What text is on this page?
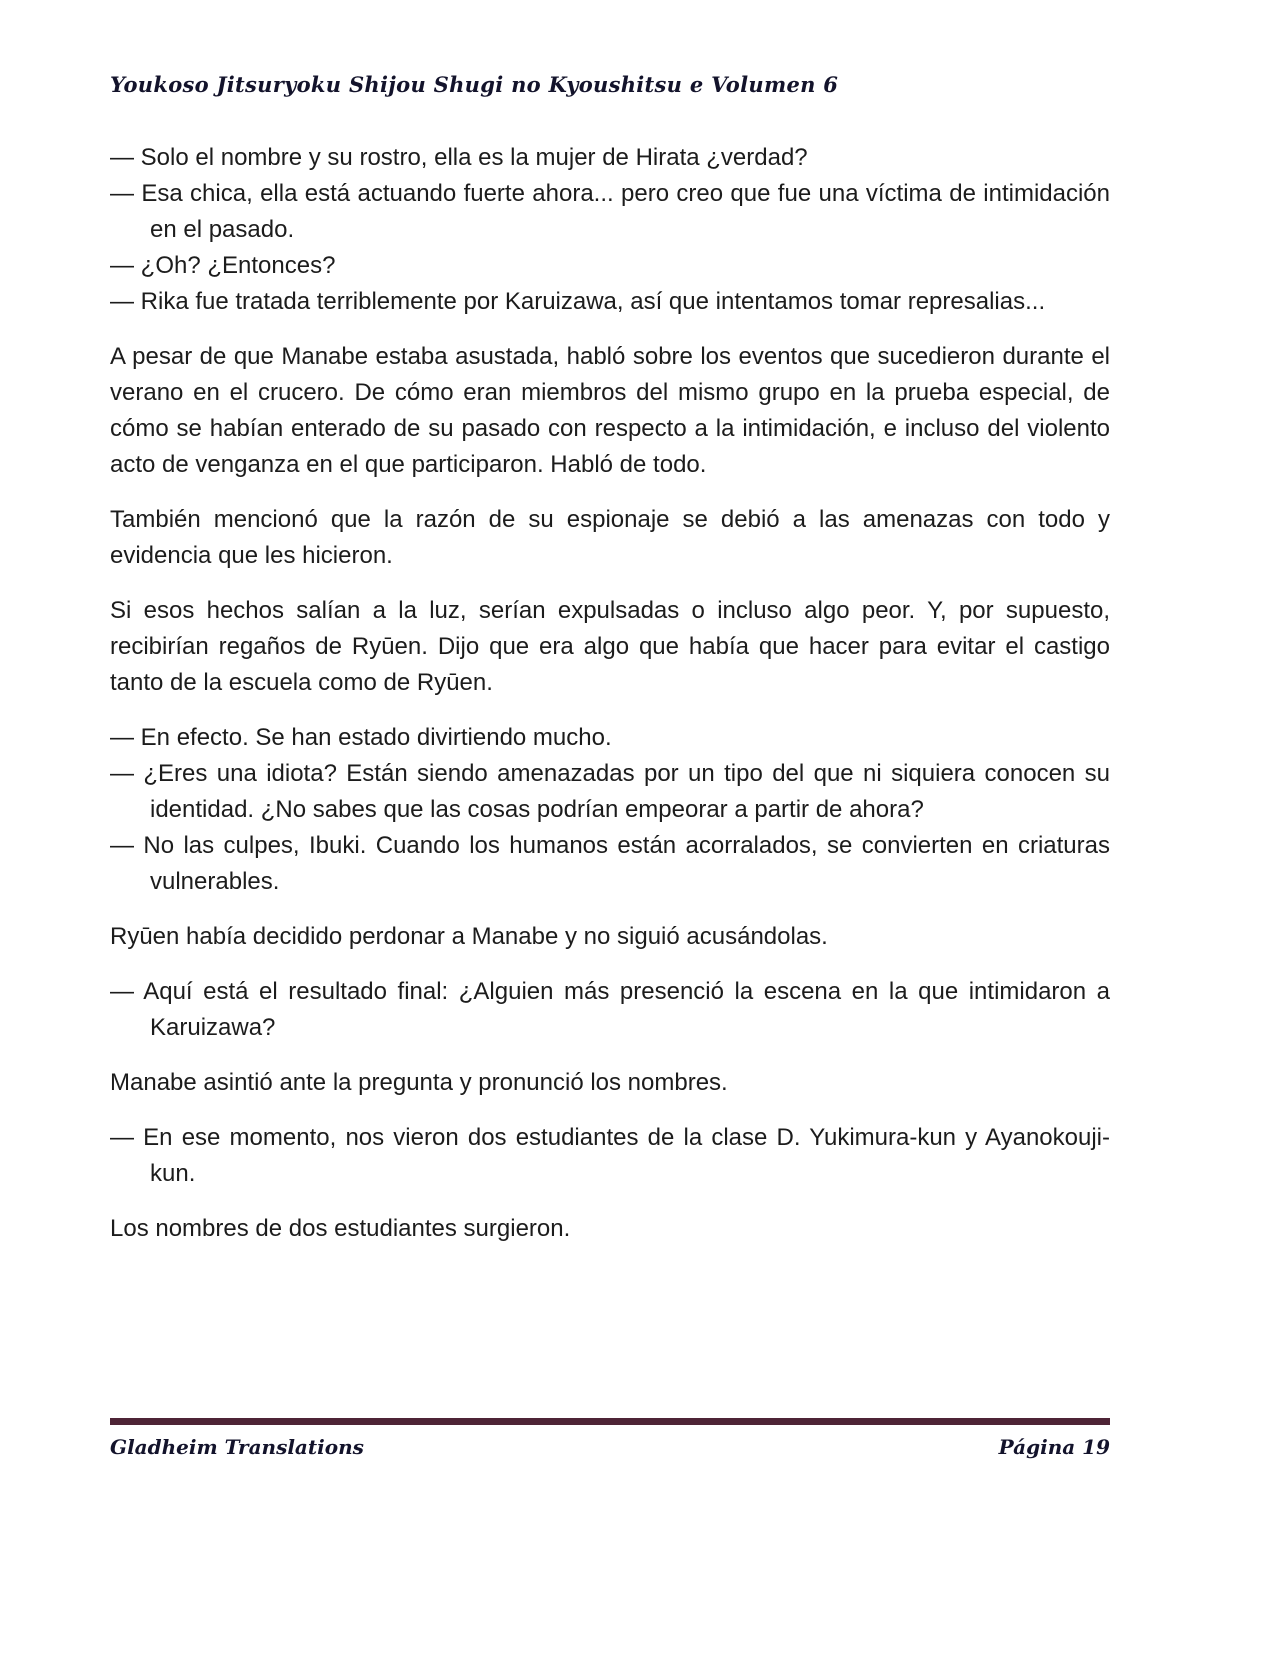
Youkoso Jitsuryoku Shijou Shugi no Kyoushitsu e Volumen 6

— Solo el nombre y su rostro, ella es la mujer de Hirata ¿verdad?

— Esa chica, ella está actuando fuerte ahora... pero creo que fue una víctima de intimidación en el pasado.

— ¿Oh? ¿Entonces?

— Rika fue tratada terriblemente por Karuizawa, así que intentamos tomar represalias...

A pesar de que Manabe estaba asustada, habló sobre los eventos que sucedieron durante el verano en el crucero. De cómo eran miembros del mismo grupo en la prueba especial, de cómo se habían enterado de su pasado con respecto a la intimidación, e incluso del violento acto de venganza en el que participaron. Habló de todo.

También mencionó que la razón de su espionaje se debió a las amenazas con todo y evidencia que les hicieron.

Si esos hechos salían a la luz, serían expulsadas o incluso algo peor. Y, por supuesto, recibirían regaños de Ryūen. Dijo que era algo que había que hacer para evitar el castigo tanto de la escuela como de Ryūen.

— En efecto. Se han estado divirtiendo mucho.

— ¿Eres una idiota? Están siendo amenazadas por un tipo del que ni siquiera conocen su identidad. ¿No sabes que las cosas podrían empeorar a partir de ahora?

— No las culpes, Ibuki. Cuando los humanos están acorralados, se convierten en criaturas vulnerables.

Ryūen había decidido perdonar a Manabe y no siguió acusándolas.

— Aquí está el resultado final: ¿Alguien más presenció la escena en la que intimidaron a Karuizawa?

Manabe asintió ante la pregunta y pronunció los nombres.

— En ese momento, nos vieron dos estudiantes de la clase D. Yukimura-kun y Ayanokouji-kun.

Los nombres de dos estudiantes surgieron.

Gladheim Translations	Página 19
